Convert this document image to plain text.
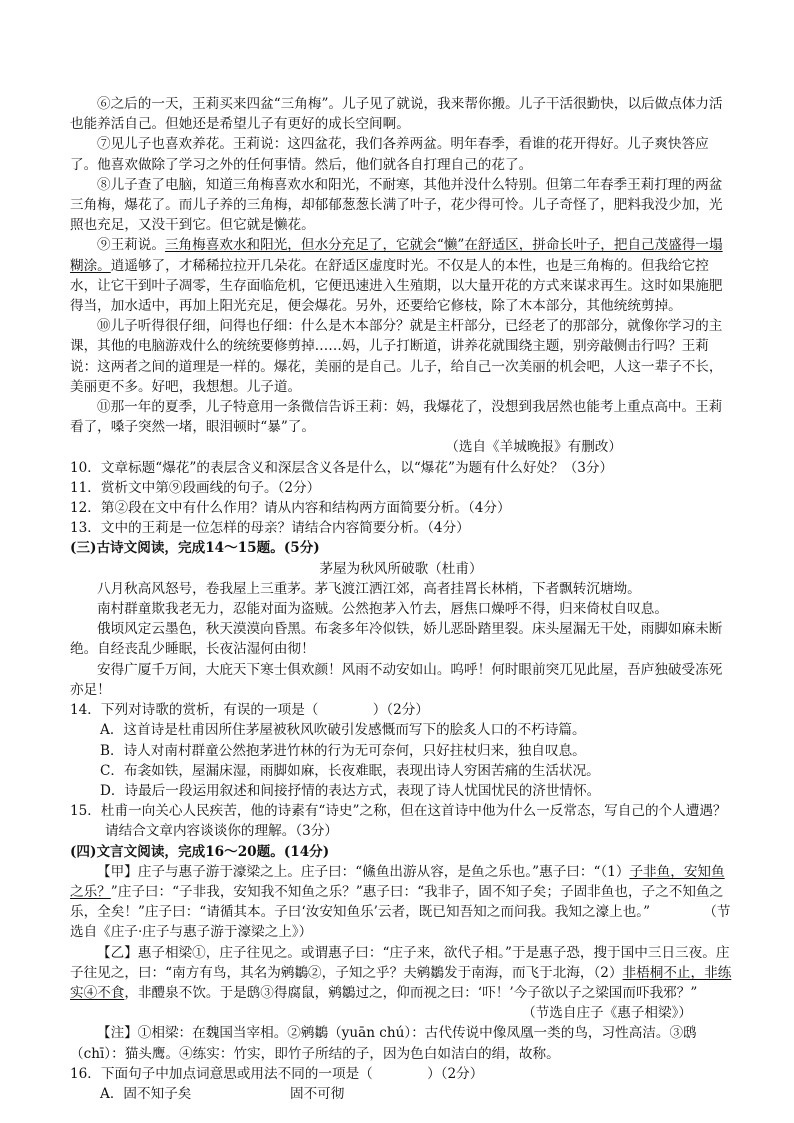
⑥之后的一天，王莉买来四盆“三角梅”。儿子见了就说，我来帮你搬。儿子干活很勤快，以后做点体力活也能养活自己。但她还是希望儿子有更好的成长空间啊。

⑦见儿子也喜欢养花。王莉说：这四盆花，我们各养两盆。明年春季，看谁的花开得好。儿子爽快答应了。他喜欢做除了学习之外的任何事情。然后，他们就各自打理自己的花了。

⑧儿子查了电脑，知道三角梅喜欢水和阳光，不耐寒，其他并没什么特别。但第二年春季王莉打理的两盆三角梅，爆花了。而儿子养的三角梅，却郁郁葱葱长满了叶子，花少得可怜。儿子奇怪了，肥料我没少加，光照也充足，又没干到它。但它就是懒花。

⑨王莉说。三角梅喜欢水和阳光，但水分充足了，它就会“懒”在舒适区，拼命长叶子，把自己茂盛得一塌糊涂。逍遥够了，才稀稀拉拉开几朵花。在舒适区虚度时光。不仅是人的本性，也是三角梅的。但我给它控水，让它干到叶子凋零，生存面临危机，它便迅速进入生殖期，以大量开花的方式来谋求再生。这时如果施肥得当，加水适中，再加上阳光充足，便会爆花。另外，还要给它修枝，除了木本部分，其他统统剪掉。

⑩儿子听得很仔细，问得也仔细：什么是木本部分？就是主杆部分，已经老了的那部分，就像你学习的主课，其他的电脑游戏什么的统统要修剪掉……妈，儿子打断道，讲养花就围绕主题，别旁敲侧击行吗？王莉说：这两者之间的道理是一样的。爆花，美丽的是自己。儿子，给自己一次美丽的机会吧，人这一辈子不长，美丽更不多。好吧，我想想。儿子道。

⑪那一年的夏季，儿子特意用一条微信告诉王莉：妈，我爆花了，没想到我居然也能考上重点高中。王莉看了，嗓子突然一堵，眼泪顿时“暴”了。

（选自《羊城晚报》有删改）

10．文章标题“爆花”的表层含义和深层含义各是什么，以“爆花”为题有什么好处？（3分）

11．赏析文中第⑨段画线的句子。（2分）

12．第②段在文中有什么作用？请从内容和结构两方面简要分析。（4分）

13．文中的王莉是一位怎样的母亲？请结合内容简要分析。（4分）

(三)古诗文阅读，完成14～15题。(5分)

茅屋为秋风所破歌（杜甫）

八月秋高风怒号，卷我屋上三重茅。茅飞渡江洒江郊，高者挂罥长林梢，下者飘转沉塘坳。

南村群童欺我老无力，忍能对面为盗贼。公然抱茅入竹去，唇焦口燥呼不得，归来倚杖自叹息。

俄顷风定云墨色，秋天漠漠向昏黑。布衾多年冷似铁，娇儿恶卧踏里裂。床头屋漏无干处，雨脚如麻未断绝。自经丧乱少睡眠，长夜沾湿何由彻！

安得广厦千万间，大庇天下寒士俱欢颜！风雨不动安如山。呜呼！何时眼前突兀见此屋，吾庐独破受冻死亦足！

14．下列对诗歌的赏析，有误的一项是（　　　　）（2分）

A．这首诗是杜甫因所住茅屋被秋风吹破引发感慨而写下的脍炙人口的不朽诗篇。

B．诗人对南村群童公然抱茅进竹林的行为无可奈何，只好拄杖归来，独自叹息。

C．布衾如铁，屋漏床湿，雨脚如麻，长夜难眠，表现出诗人穷困苦痛的生活状况。

D．诗最后一段运用叙述和间接抒情的表达方式，表现了诗人忧国忧民的济世情怀。

15．杜甫一向关心人民疾苦，他的诗素有“诗史”之称，但在这首诗中他为什么一反常态，写自己的个人遭遇？请结合文章内容谈谈你的理解。（3分）

(四)文言文阅读，完成16～20题。(14分)

【甲】庄子与惠子游于濠梁之上。庄子曰：“鯈鱼出游从容，是鱼之乐也。”惠子曰：“（1）子非鱼，安知鱼之乐？”庄子曰：“子非我，安知我不知鱼之乐？”惠子曰：“我非子，固不知子矣；子固非鱼也，子之不知鱼之乐，全矣！”庄子曰：“请循其本。子曰‘汝安知鱼乐’云者，既已知吾知之而问我。我知之濠上也。”	（节选自《庄子·庄子与惠子游于濠梁之上》）

【乙】惠子相梁①，庄子往见之。或谓惠子曰：“庄子来，欲代子相。”于是惠子恐，搜于国中三日三夜。庄子往见之，曰：“南方有鸟，其名为鹓鶵②，子知之乎？夫鹓鶵发于南海，而飞于北海，（2）非梧桐不止，非练实④不食，非醴泉不饮。于是鸱③得腐鼠，鹓鶵过之，仰而视之曰：‘吓！’今子欲以子之梁国而吓我邪？”

（节选自庄子《惠子相梁》）

【注】①相梁：在魏国当宰相。②鹓鶵（yuān chú）：古代传说中像凤凰一类的鸟，习性高洁。③鸱（chī）：猫头鹰。④练实：竹实，即竹子所结的子，因为色白如洁白的绢，故称。

16．下面句子中加点词意思或用法不同的一项是（　　　　）（2分）

A．固不知子矣	固不可彻
